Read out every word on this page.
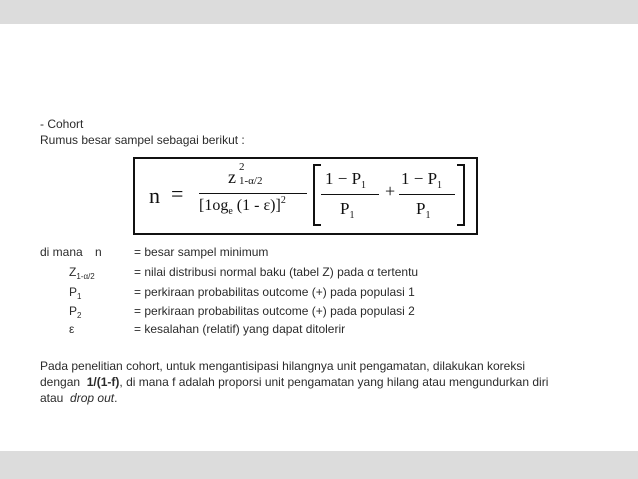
- Cohort
Rumus besar sampel sebagai berikut :
n =
z 2
1-α/2
[$1og_e$ (1 - ε)]$^2$
$1 - P_1$
$P_1$
+
$1 - P_1$
$P_1$
di mana n	= besar sampel minimum
$Z_{1-\alpha/2}$	= nilai distribusi normal baku (tabel Z) pada α tertentu
$P_1$	= perkiraan probabilitas outcome (+) pada populasi 1
$P_2$	= perkiraan probabilitas outcome (+) pada populasi 2
ε	= kesalahan (relatif) yang dapat ditolerir
Pada penelitian cohort, untuk mengantisipasi hilangnya unit pengamatan, dilakukan koreksi
dengan  1/(1-f), di mana f adalah proporsi unit pengamatan yang hilang atau mengundurkan diri
atau  drop out.
